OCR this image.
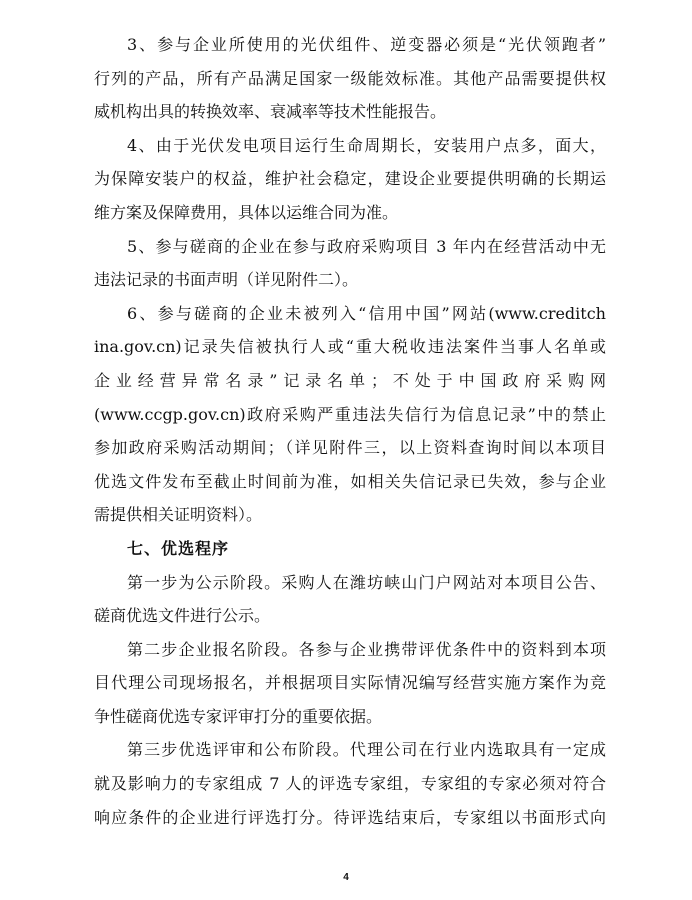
3、参与企业所使用的光伏组件、逆变器必须是“光伏领跑者”
行列的产品，所有产品满足国家一级能效标准。其他产品需要提供权
威机构出具的转换效率、衰减率等技术性能报告。
4、由于光伏发电项目运行生命周期长，安装用户点多，面大，
为保障安装户的权益，维护社会稳定，建设企业要提供明确的长期运
维方案及保障费用，具体以运维合同为准。
5、参与磋商的企业在参与政府采购项目 3 年内在经营活动中无
违法记录的书面声明（详见附件二）。
6、参与磋商的企业未被列入“信用中国”网站(www.creditch
ina.gov.cn)记录失信被执行人或“重大税收违法案件当事人名单或
企业经营异常名录”记录名单；不处于中国政府采购网
(www.ccgp.gov.cn)政府采购严重违法失信行为信息记录”中的禁止
参加政府采购活动期间；（详见附件三，以上资料查询时间以本项目
优选文件发布至截止时间前为准，如相关失信记录已失效，参与企业
需提供相关证明资料）。
七、优选程序
第一步为公示阶段。采购人在潍坊峡山门户网站对本项目公告、
磋商优选文件进行公示。
第二步企业报名阶段。各参与企业携带评优条件中的资料到本项
目代理公司现场报名，并根据项目实际情况编写经营实施方案作为竞
争性磋商优选专家评审打分的重要依据。
第三步优选评审和公布阶段。代理公司在行业内选取具有一定成
就及影响力的专家组成 7 人的评选专家组，专家组的专家必须对符合
响应条件的企业进行评选打分。待评选结束后，专家组以书面形式向
4
